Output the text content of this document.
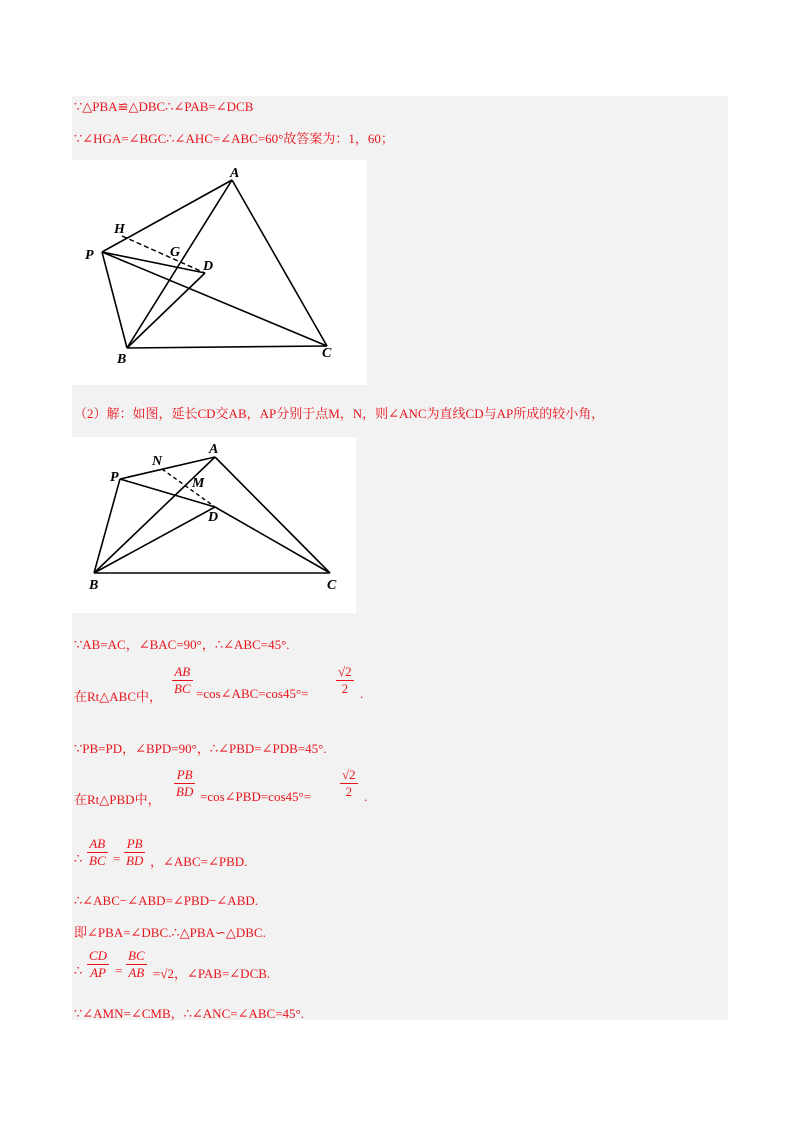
∵△PBA≌△DBC∴∠PAB=∠DCB
∵∠HGA=∠BGC∴∠AHC=∠ABC=60°故答案为：1，60；
A
H
P	G
D
B	C
（2）解：如图，延长CD交AB，AP分别于点M，N，则∠ANC为直线CD与AP所成的较小角，
P
N
A
M
D
B	C
∵AB=AC，∠BAC=90°，∴∠ABC=45°.
在Rt△ABC中， $\frac{AB}{BC}$ =cos∠ABC=cos45°= $\frac{√2}{2}$ .
∵PB=PD，∠BPD=90°，∴∠PBD=∠PDB=45°.
在Rt△PBD中， $\frac{PB}{BD}$ =cos∠PBD=cos45°= $\frac{√2}{2}$ .
∴ $\frac{AB}{BC} = \frac{PB}{BD}$ ，∠ABC=∠PBD.
∴∠ABC−∠ABD=∠PBD−∠ABD.
即∠PBA=∠DBC.∴△PBA∽△DBC.
∴ $\frac{CD}{AP} = \frac{BC}{AB} =√2$，∠PAB=∠DCB.
∵∠AMN=∠CMB，∴∠ANC=∠ABC=45°.
